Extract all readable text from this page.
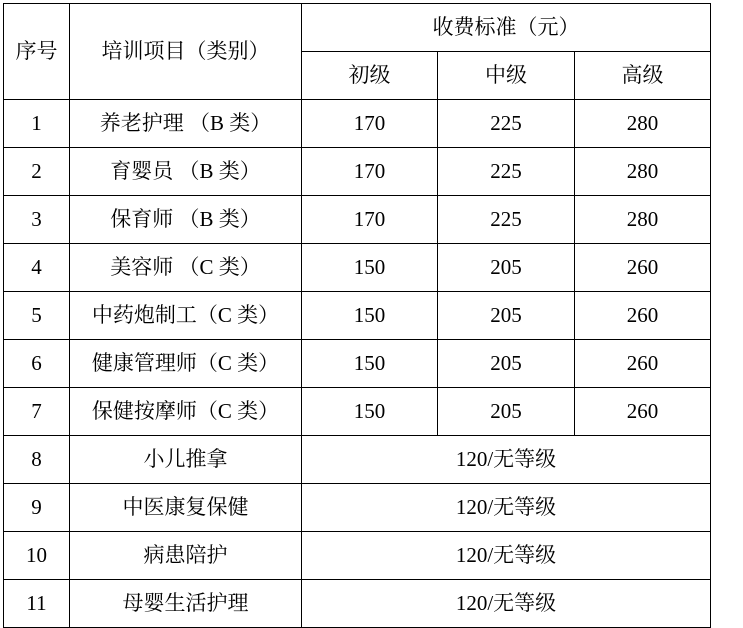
序号	培训项目（类别）	收费标准（元）		
		初级	中级	高级
1	养老护理 （B 类）	170	225	280
2	育婴员 （B 类）	170	225	280
3	保育师 （B 类）	170	225	280
4	美容师 （C 类）	150	205	260
5	中药炮制工（C 类）	150	205	260
6	健康管理师（C 类）	150	205	260
7	保健按摩师（C 类）	150	205	260
8	小儿推拿	120/无等级		
9	中医康复保健	120/无等级		
10	病患陪护	120/无等级		
11	母婴生活护理	120/无等级		
